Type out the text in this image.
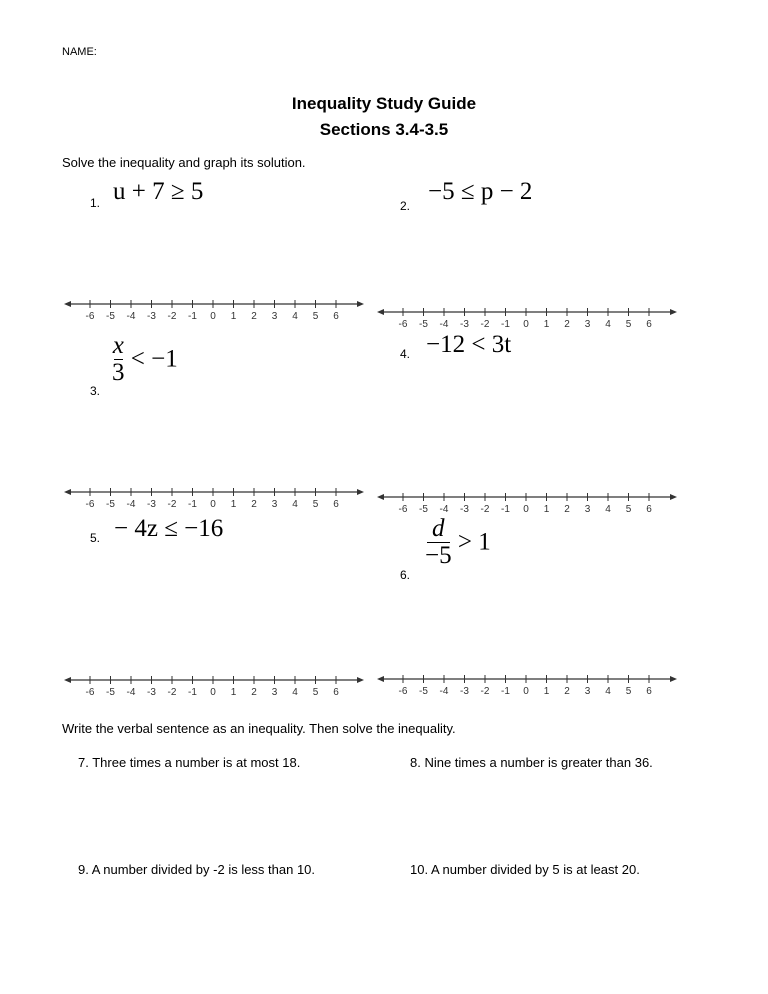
NAME:
Inequality Study Guide
Sections 3.4-3.5
Solve the inequality and graph its solution.
1. u + 7 ≥ 5
2.
−5 ≤ p − 2
3.
$\frac{x}{3} < -1$	4. −12 < 3t
5. − 4z ≤ −16
6.
$\frac{d}{-5} > 1$
-6	-5	-4	-3	-2	-1	0	1	2	3	4	5	6
-6	-5	-4	-3	-2	-1	0	1	2	3	4	5	6
-6	-5	-4	-3	-2	-1	0	1	2	3	4	5	6	-6	-5	-4	-3	-2	-1	0	1	2	3	4	5	6
-6	-5	-4	-3	-2	-1	0	1	2	3	4	5	6	-6	-5	-4	-3	-2	-1	0	1	2	3	4	5	6
Write the verbal sentence as an inequality. Then solve the inequality.
7. Three times a number is at most 18.	8. Nine times a number is greater than 36.
9. A number divided by -2 is less than 10.	10. A number divided by 5 is at least 20.
